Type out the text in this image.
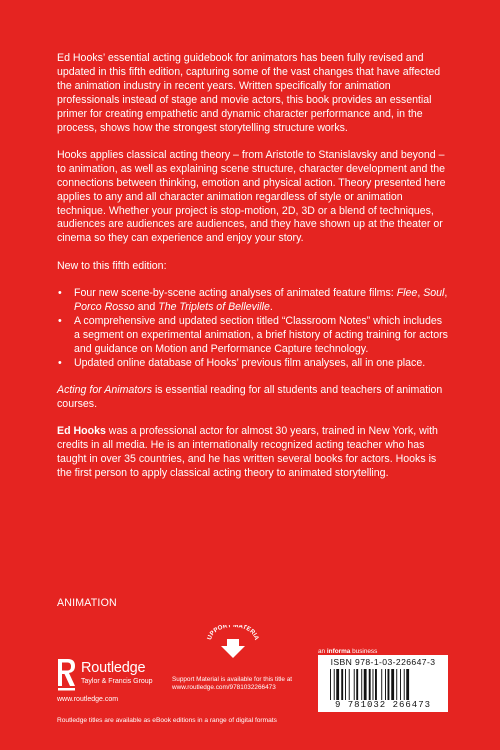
Ed Hooks’ essential acting guidebook for animators has been fully revised and updated in this fifth edition, capturing some of the vast changes that have affected the animation industry in recent years. Written specifically for animation professionals instead of stage and movie actors, this book provides an essential primer for creating empathetic and dynamic character performance and, in the process, shows how the strongest storytelling structure works.

Hooks applies classical acting theory – from Aristotle to Stanislavsky and beyond – to animation, as well as explaining scene structure, character development and the connections between thinking, emotion and physical action. Theory presented here applies to any and all character animation regardless of style or animation technique. Whether your project is stop-motion, 2D, 3D or a blend of techniques, audiences are audiences are audiences, and they have shown up at the theater or cinema so they can experience and enjoy your story.

New to this fifth edition:

• Four new scene-by-scene acting analyses of animated feature films: Flee, Soul, Porco Rosso and The Triplets of Belleville.
• A comprehensive and updated section titled “Classroom Notes” which includes a segment on experimental animation, a brief history of acting training for actors and guidance on Motion and Performance Capture technology.
• Updated online database of Hooks’ previous film analyses, all in one place.

Acting for Animators is essential reading for all students and teachers of animation courses.

Ed Hooks was a professional actor for almost 30 years, trained in New York, with credits in all media. He is an internationally recognized acting teacher who has taught in over 35 countries, and he has written several books for actors. Hooks is the first person to apply classical acting theory to animated storytelling.

ANIMATION
Routledge
Taylor & Francis Group
www.routledge.com
Routledge titles are available as eBook editions in a range of digital formats
UPPORT MATERIA
Support Material is available for this title at
www.routledge.com/9781032266473
an informa business
ISBN 978-1-03-226647-3
9 781032 266473
